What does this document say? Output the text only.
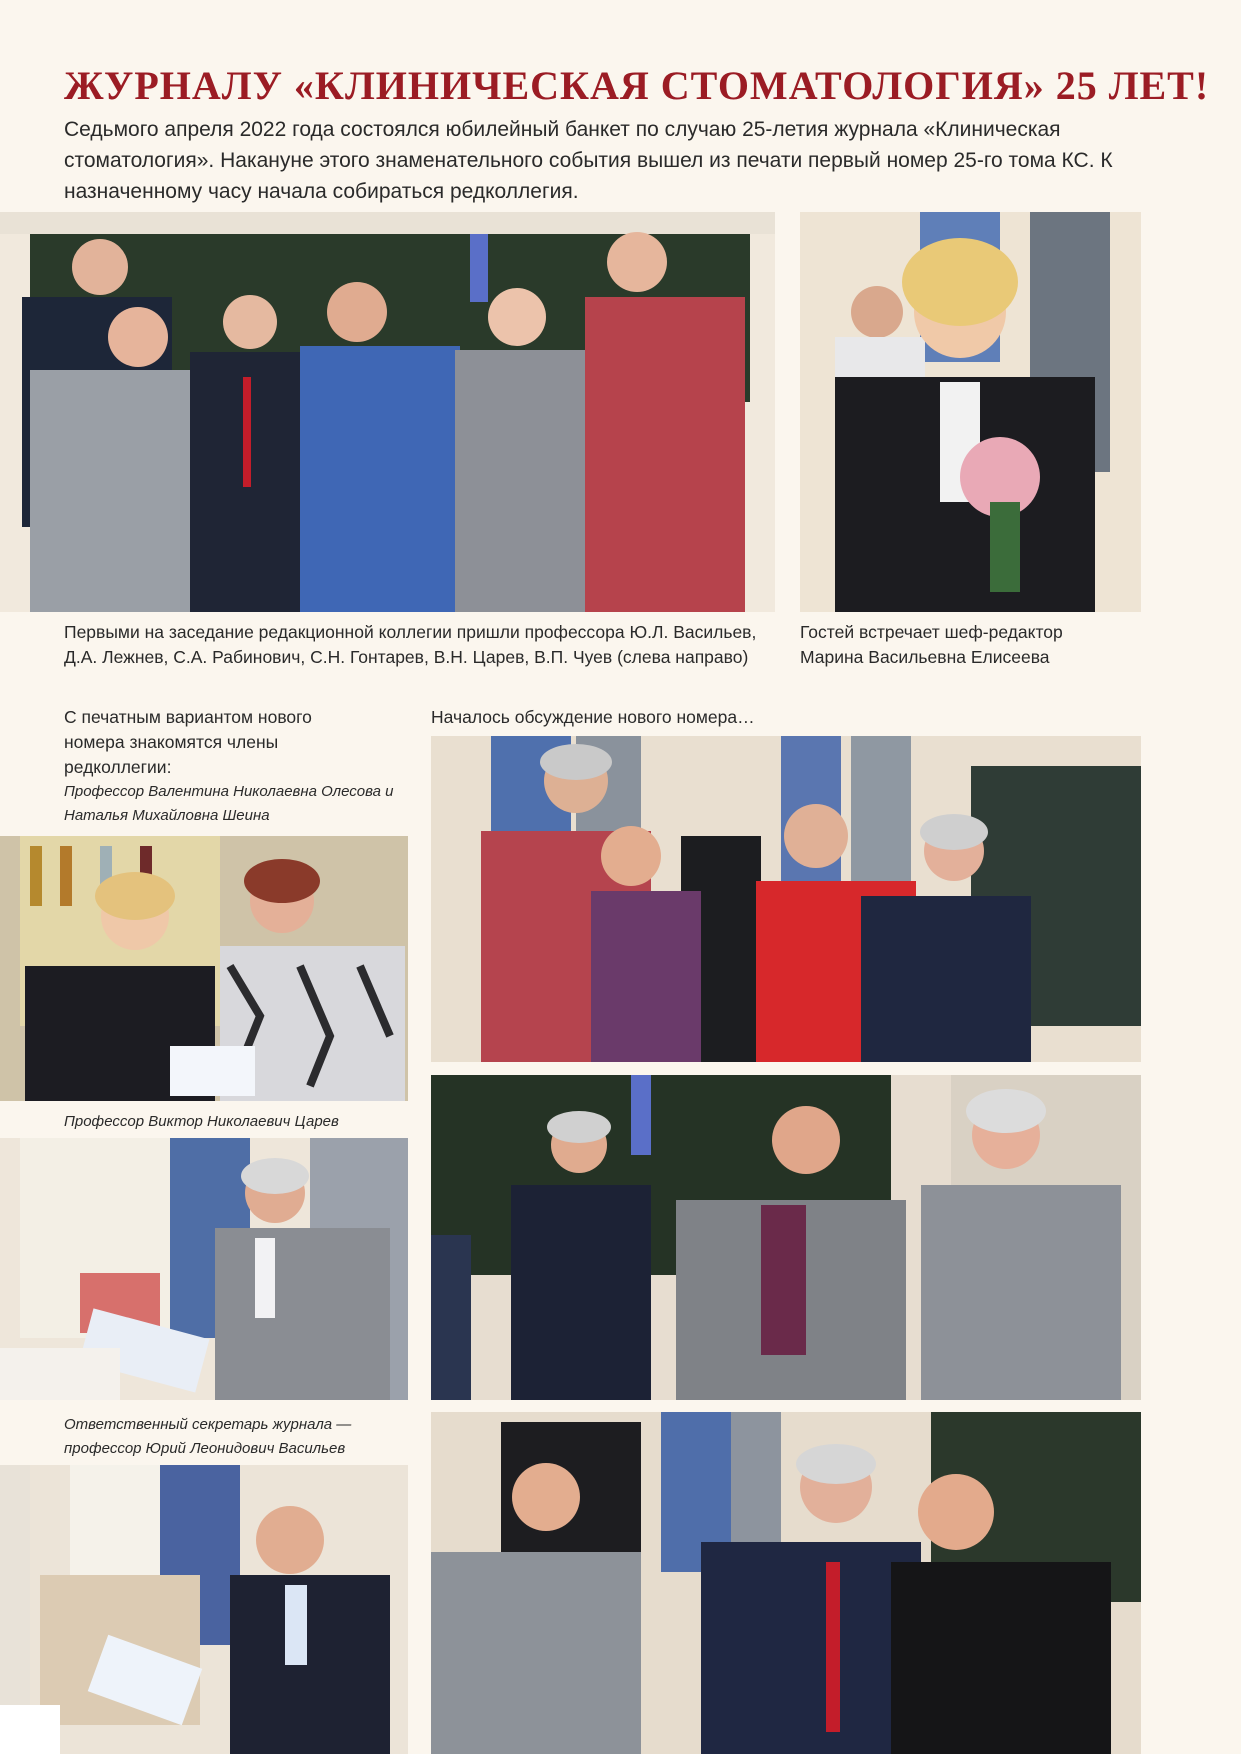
ЖУРНАЛУ «КЛИНИЧЕСКАЯ СТОМАТОЛОГИЯ» 25 ЛЕТ!

Седьмого апреля 2022 года состоялся юбилейный банкет по случаю 25-летия журнала «Клиническая стоматология». Накануне этого знаменательного события вышел из печати первый номер 25-го тома КС. К назначенному часу начала собираться редколлегия.

Первыми на заседание редакционной коллегии пришли профессора Ю.Л. Васильев, Д.А. Лежнев, С.А. Рабинович, С.Н. Гонтарев, В.Н. Царев, В.П. Чуев (слева направо)

Гостей встречает шеф-редактор Марина Васильевна Елисеева

С печатным вариантом нового номера знакомятся члены редколлегии:

Профессор Валентина Николаевна Олесова и Наталья Михайловна Шеина

Началось обсуждение нового номера…

Профессор Виктор Николаевич Царев

Ответственный секретарь журнала — профессор Юрий Леонидович Васильев
